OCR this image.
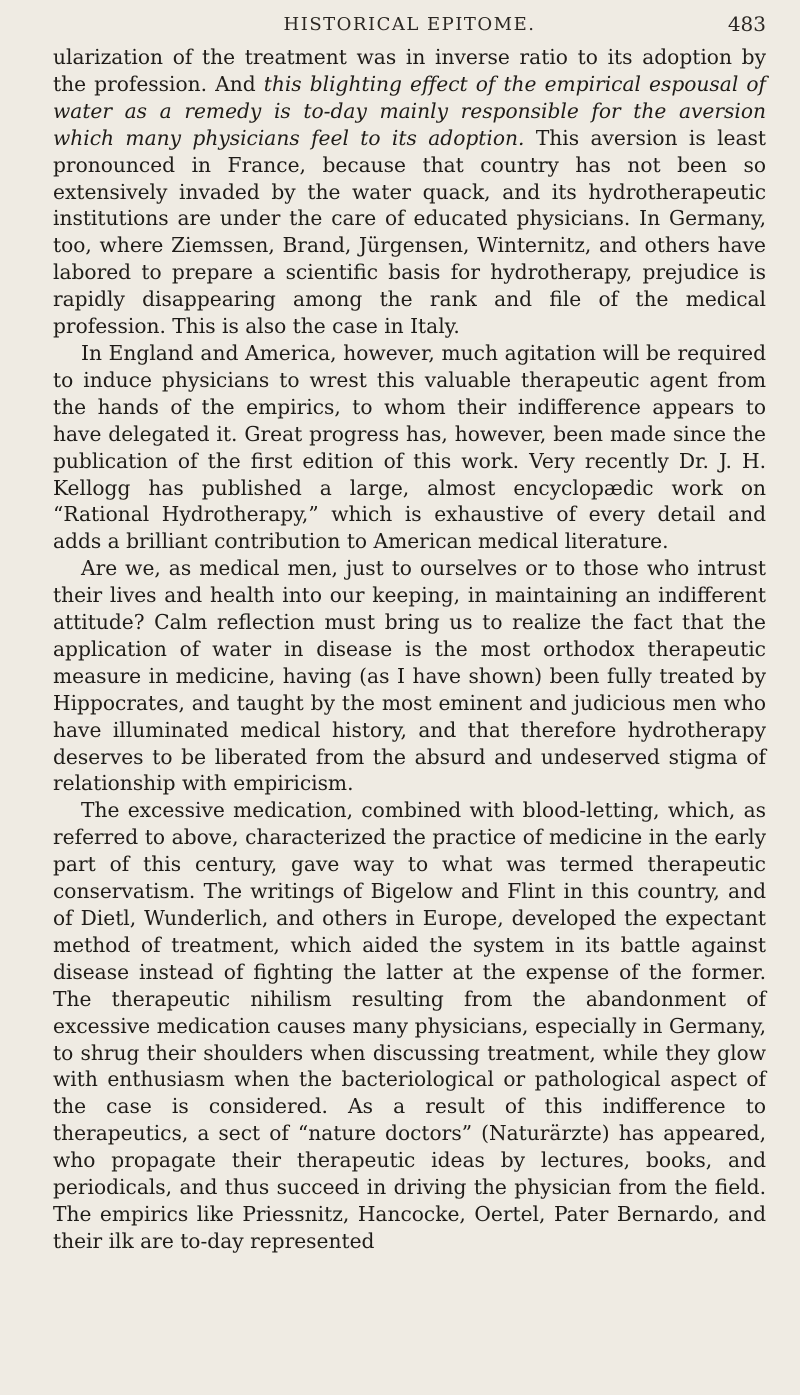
HISTORICAL EPITOME.	483

ularization of the treatment was in inverse ratio to its adoption by the profession. And this blighting effect of the empirical espousal of water as a remedy is to-day mainly responsible for the aversion which many physicians feel to its adoption. This aversion is least pronounced in France, because that country has not been so extensively invaded by the water quack, and its hydrotherapeutic institutions are under the care of educated physicians. In Germany, too, where Ziemssen, Brand, Jürgensen, Winternitz, and others have labored to prepare a scientific basis for hydrotherapy, prejudice is rapidly disappearing among the rank and file of the medical profession. This is also the case in Italy.

In England and America, however, much agitation will be required to induce physicians to wrest this valuable therapeutic agent from the hands of the empirics, to whom their indifference appears to have delegated it. Great progress has, however, been made since the publication of the first edition of this work. Very recently Dr. J. H. Kellogg has published a large, almost encyclopædic work on “Rational Hydrotherapy,” which is exhaustive of every detail and adds a brilliant contribution to American medical literature.

Are we, as medical men, just to ourselves or to those who intrust their lives and health into our keeping, in maintaining an indifferent attitude? Calm reflection must bring us to realize the fact that the application of water in disease is the most orthodox therapeutic measure in medicine, having (as I have shown) been fully treated by Hippocrates, and taught by the most eminent and judicious men who have illuminated medical history, and that therefore hydrotherapy deserves to be liberated from the absurd and undeserved stigma of relationship with empiricism.

The excessive medication, combined with blood-letting, which, as referred to above, characterized the practice of medicine in the early part of this century, gave way to what was termed therapeutic conservatism. The writings of Bigelow and Flint in this country, and of Dietl, Wunderlich, and others in Europe, developed the expectant method of treatment, which aided the system in its battle against disease instead of fighting the latter at the expense of the former. The therapeutic nihilism resulting from the abandonment of excessive medication causes many physicians, especially in Germany, to shrug their shoulders when discussing treatment, while they glow with enthusiasm when the bacteriological or pathological aspect of the case is considered. As a result of this indifference to therapeutics, a sect of “nature doctors” (Naturärzte) has appeared, who propagate their therapeutic ideas by lectures, books, and periodicals, and thus succeed in driving the physician from the field. The empirics like Priessnitz, Hancocke, Oertel, Pater Bernardo, and their ilk are to-day represented
